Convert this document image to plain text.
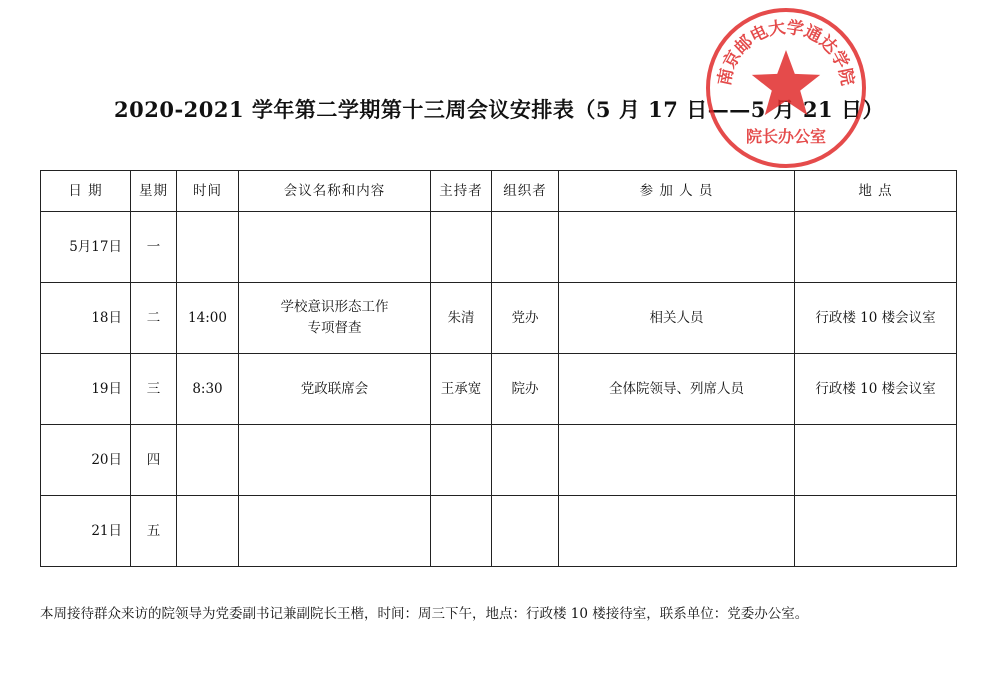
2020-2021 学年第二学期第十三周会议安排表（5 月 17 日——5 月 21 日）
日 期	星期	时间	会议名称和内容	主持者	组织者	参 加 人 员	地 点
5月17日	一		

18日	二	14:00	学校意识形态工作
专项督查	朱清	党办	相关人员	行政楼 10 楼会议室
19日	三	8:30	党政联席会	王承宽	院办	全体院领导、列席人员	行政楼 10 楼会议室
20日	四		

21日	五		

本周接待群众来访的院领导为党委副书记兼副院长王楷，时间：周三下午，地点：行政楼 10 楼接待室，联系单位：党委办公室。
南京邮电大学通达学院
院长办公室
